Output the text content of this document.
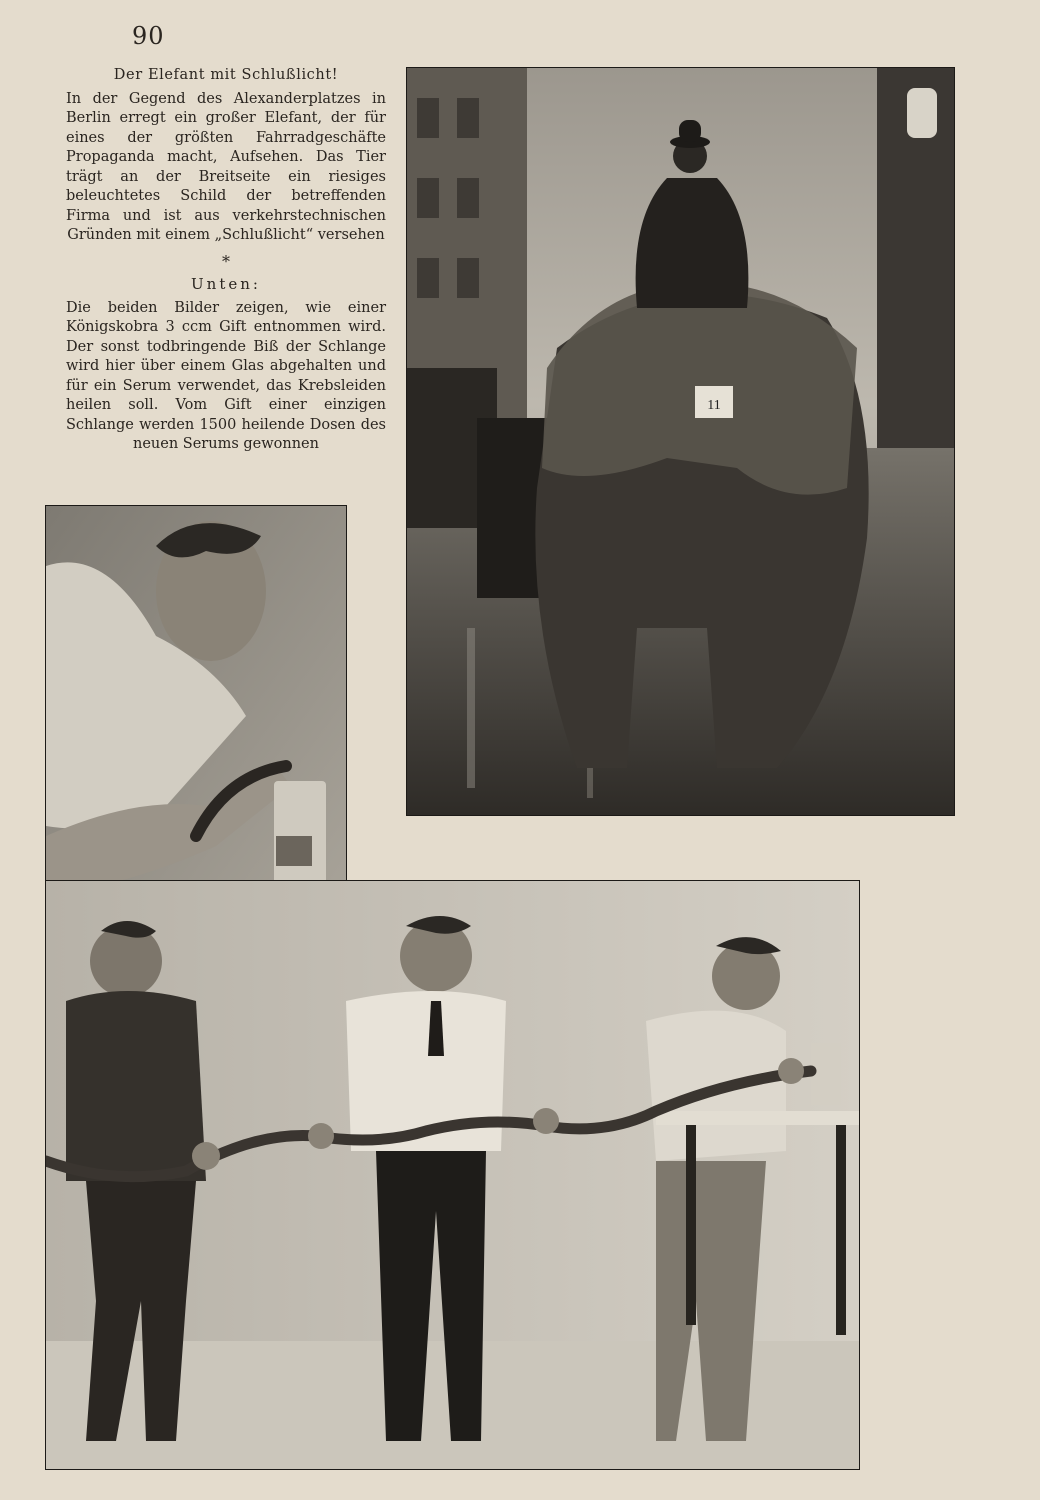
90
Der Elefant mit Schlußlicht!

In der Gegend des Alexanderplatzes in Berlin erregt ein großer Elefant, der für eines der größten Fahrradgeschäfte Propaganda macht, Aufsehen. Das Tier trägt an der Breitseite ein riesiges beleuchtetes Schild der betreffenden Firma und ist aus verkehrstechnischen Gründen mit einem „Schlußlicht“ versehen

*
Unten:

Die beiden Bilder zeigen, wie einer Königskobra 3 ccm Gift entnommen wird. Der sonst todbringende Biß der Schlange wird hier über einem Glas abgehalten und für ein Serum verwendet, das Krebsleiden heilen soll. Vom Gift einer einzigen Schlange werden 1500 heilende Dosen des neuen Serums gewonnen

11
